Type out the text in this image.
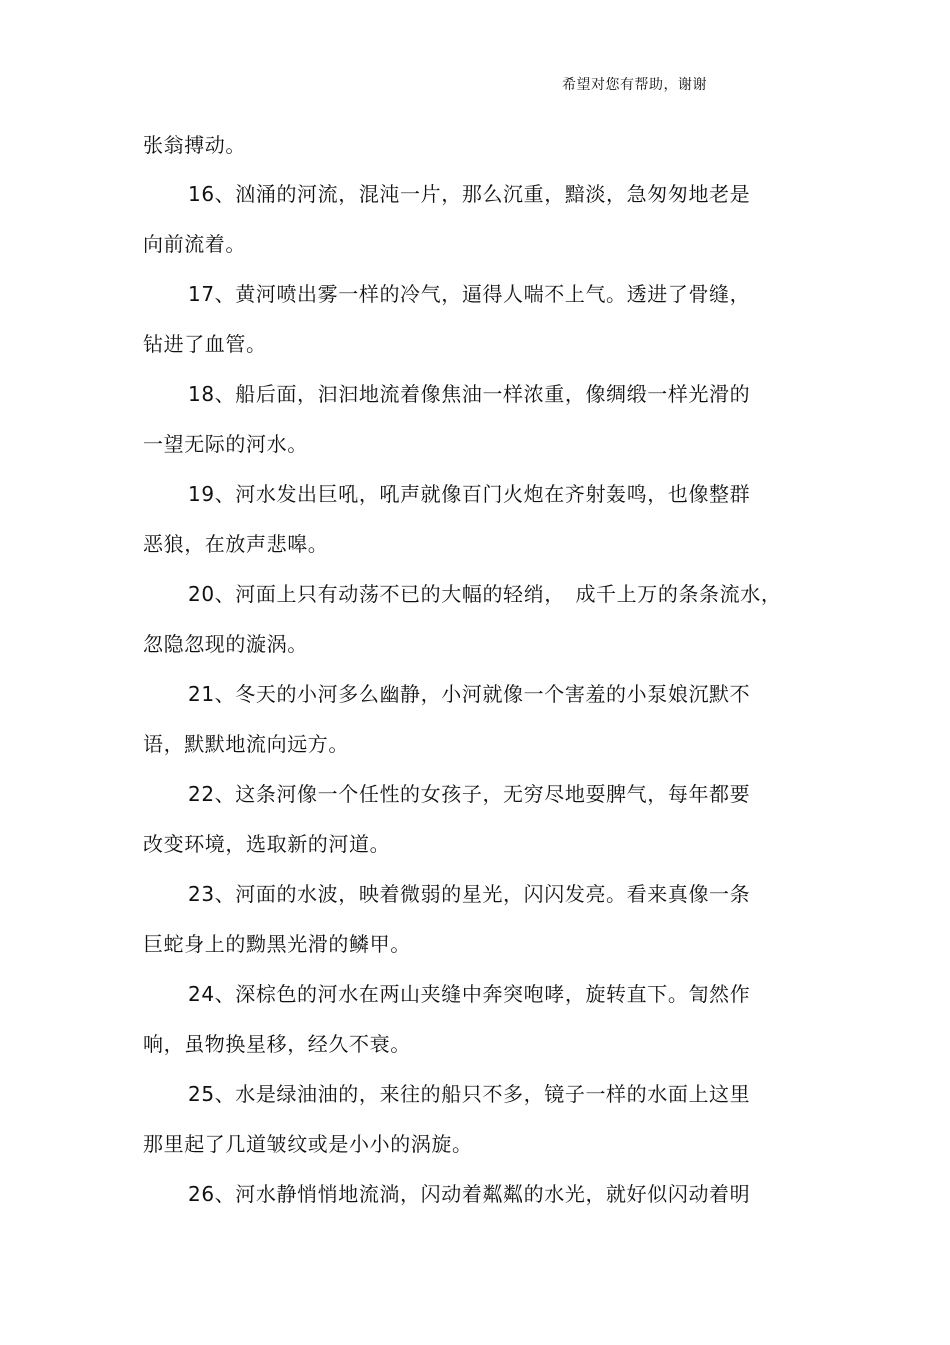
希望对您有帮助，谢谢
张翁搏动。
16、汹涌的河流，混沌一片，那么沉重，黯淡，急匆匆地老是
向前流着。
17、黄河喷出雾一样的冷气，逼得人喘不上气。透进了骨缝，
钻进了血管。
18、船后面，汩汩地流着像焦油一样浓重，像绸缎一样光滑的
一望无际的河水。
19、河水发出巨吼，吼声就像百门火炮在齐射轰鸣，也像整群
恶狼，在放声悲嗥。
20、河面上只有动荡不已的大幅的轻绡，　成千上万的条条流水，
忽隐忽现的漩涡。
21、冬天的小河多么幽静，小河就像一个害羞的小泵娘沉默不
语，默默地流向远方。
22、这条河像一个任性的女孩子，无穷尽地耍脾气，每年都要
改变环境，选取新的河道。
23、河面的水波，映着微弱的星光，闪闪发亮。看来真像一条
巨蛇身上的黝黑光滑的鳞甲。
24、深棕色的河水在两山夹缝中奔突咆哮，旋转直下。訇然作
响，虽物换星移，经久不衰。
25、水是绿油油的，来往的船只不多，镜子一样的水面上这里
那里起了几道皱纹或是小小的涡旋。
26、河水静悄悄地流淌，闪动着粼粼的水光，就好似闪动着明
